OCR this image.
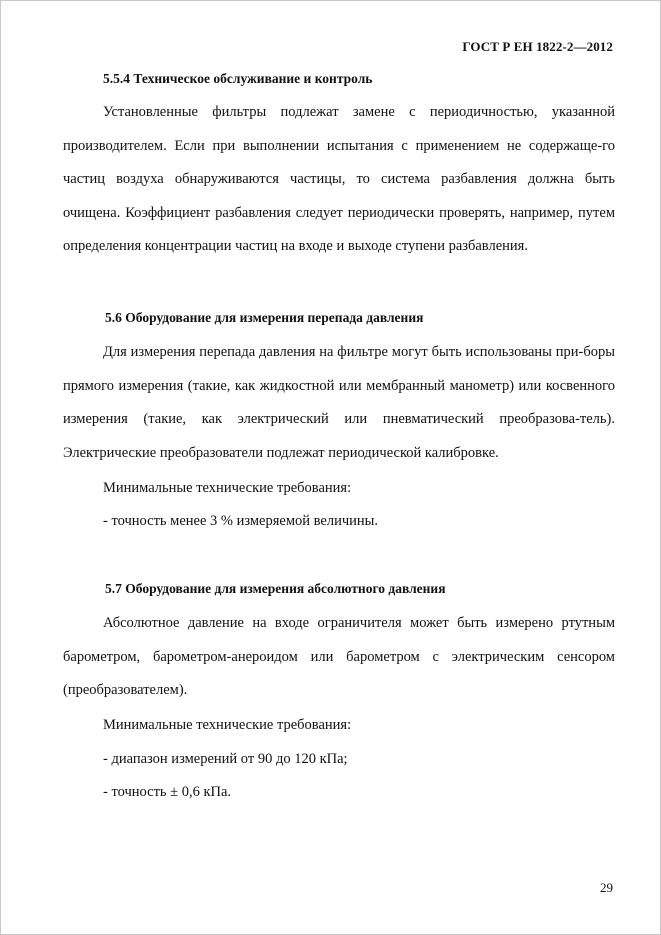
ГОСТ Р ЕН 1822-2—2012
5.5.4 Техническое обслуживание и контроль

Установленные фильтры подлежат замене с периодичностью, указанной производителем. Если при выполнении испытания с применением не содержаще-го частиц воздуха обнаруживаются частицы, то система разбавления должна быть очищена. Коэффициент разбавления следует периодически проверять, например, путем определения концентрации частиц на входе и выходе ступени разбавления.

5.6 Оборудование для измерения перепада давления

Для измерения перепада давления на фильтре могут быть использованы при-боры прямого измерения (такие, как жидкостной или мембранный манометр) или косвенного измерения (такие, как электрический или пневматический преобразова-тель). Электрические преобразователи подлежат периодической калибровке.

Минимальные технические требования:
- точность менее 3 % измеряемой величины.
5.7 Оборудование для измерения абсолютного давления

Абсолютное давление на входе ограничителя может быть измерено ртутным барометром, барометром-анероидом или барометром с электрическим сенсором (преобразователем).

Минимальные технические требования:
- диапазон измерений от 90 до 120 кПа;
- точность ± 0,6 кПа.
29
